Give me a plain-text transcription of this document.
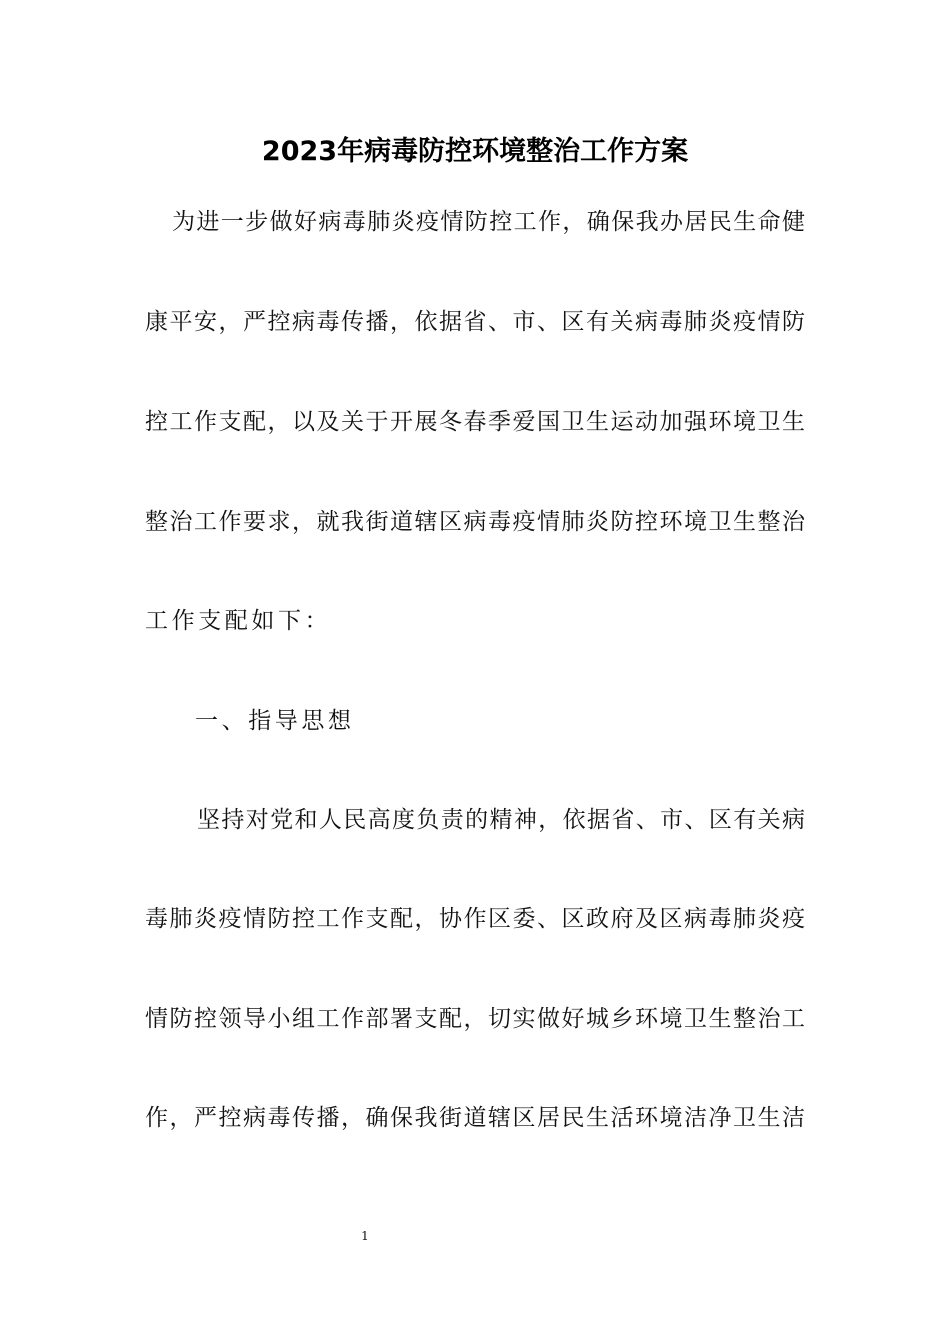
2023年病毒防控环境整治工作方案
为进一步做好病毒肺炎疫情防控工作，确保我办居民生命健
康平安，严控病毒传播，依据省、市、区有关病毒肺炎疫情防
控工作支配，以及关于开展冬春季爱国卫生运动加强环境卫生
整治工作要求，就我街道辖区病毒疫情肺炎防控环境卫生整治
工作支配如下：
一、指导思想
坚持对党和人民高度负责的精神，依据省、市、区有关病
毒肺炎疫情防控工作支配，协作区委、区政府及区病毒肺炎疫
情防控领导小组工作部署支配，切实做好城乡环境卫生整治工
作，严控病毒传播，确保我街道辖区居民生活环境洁净卫生洁
1
